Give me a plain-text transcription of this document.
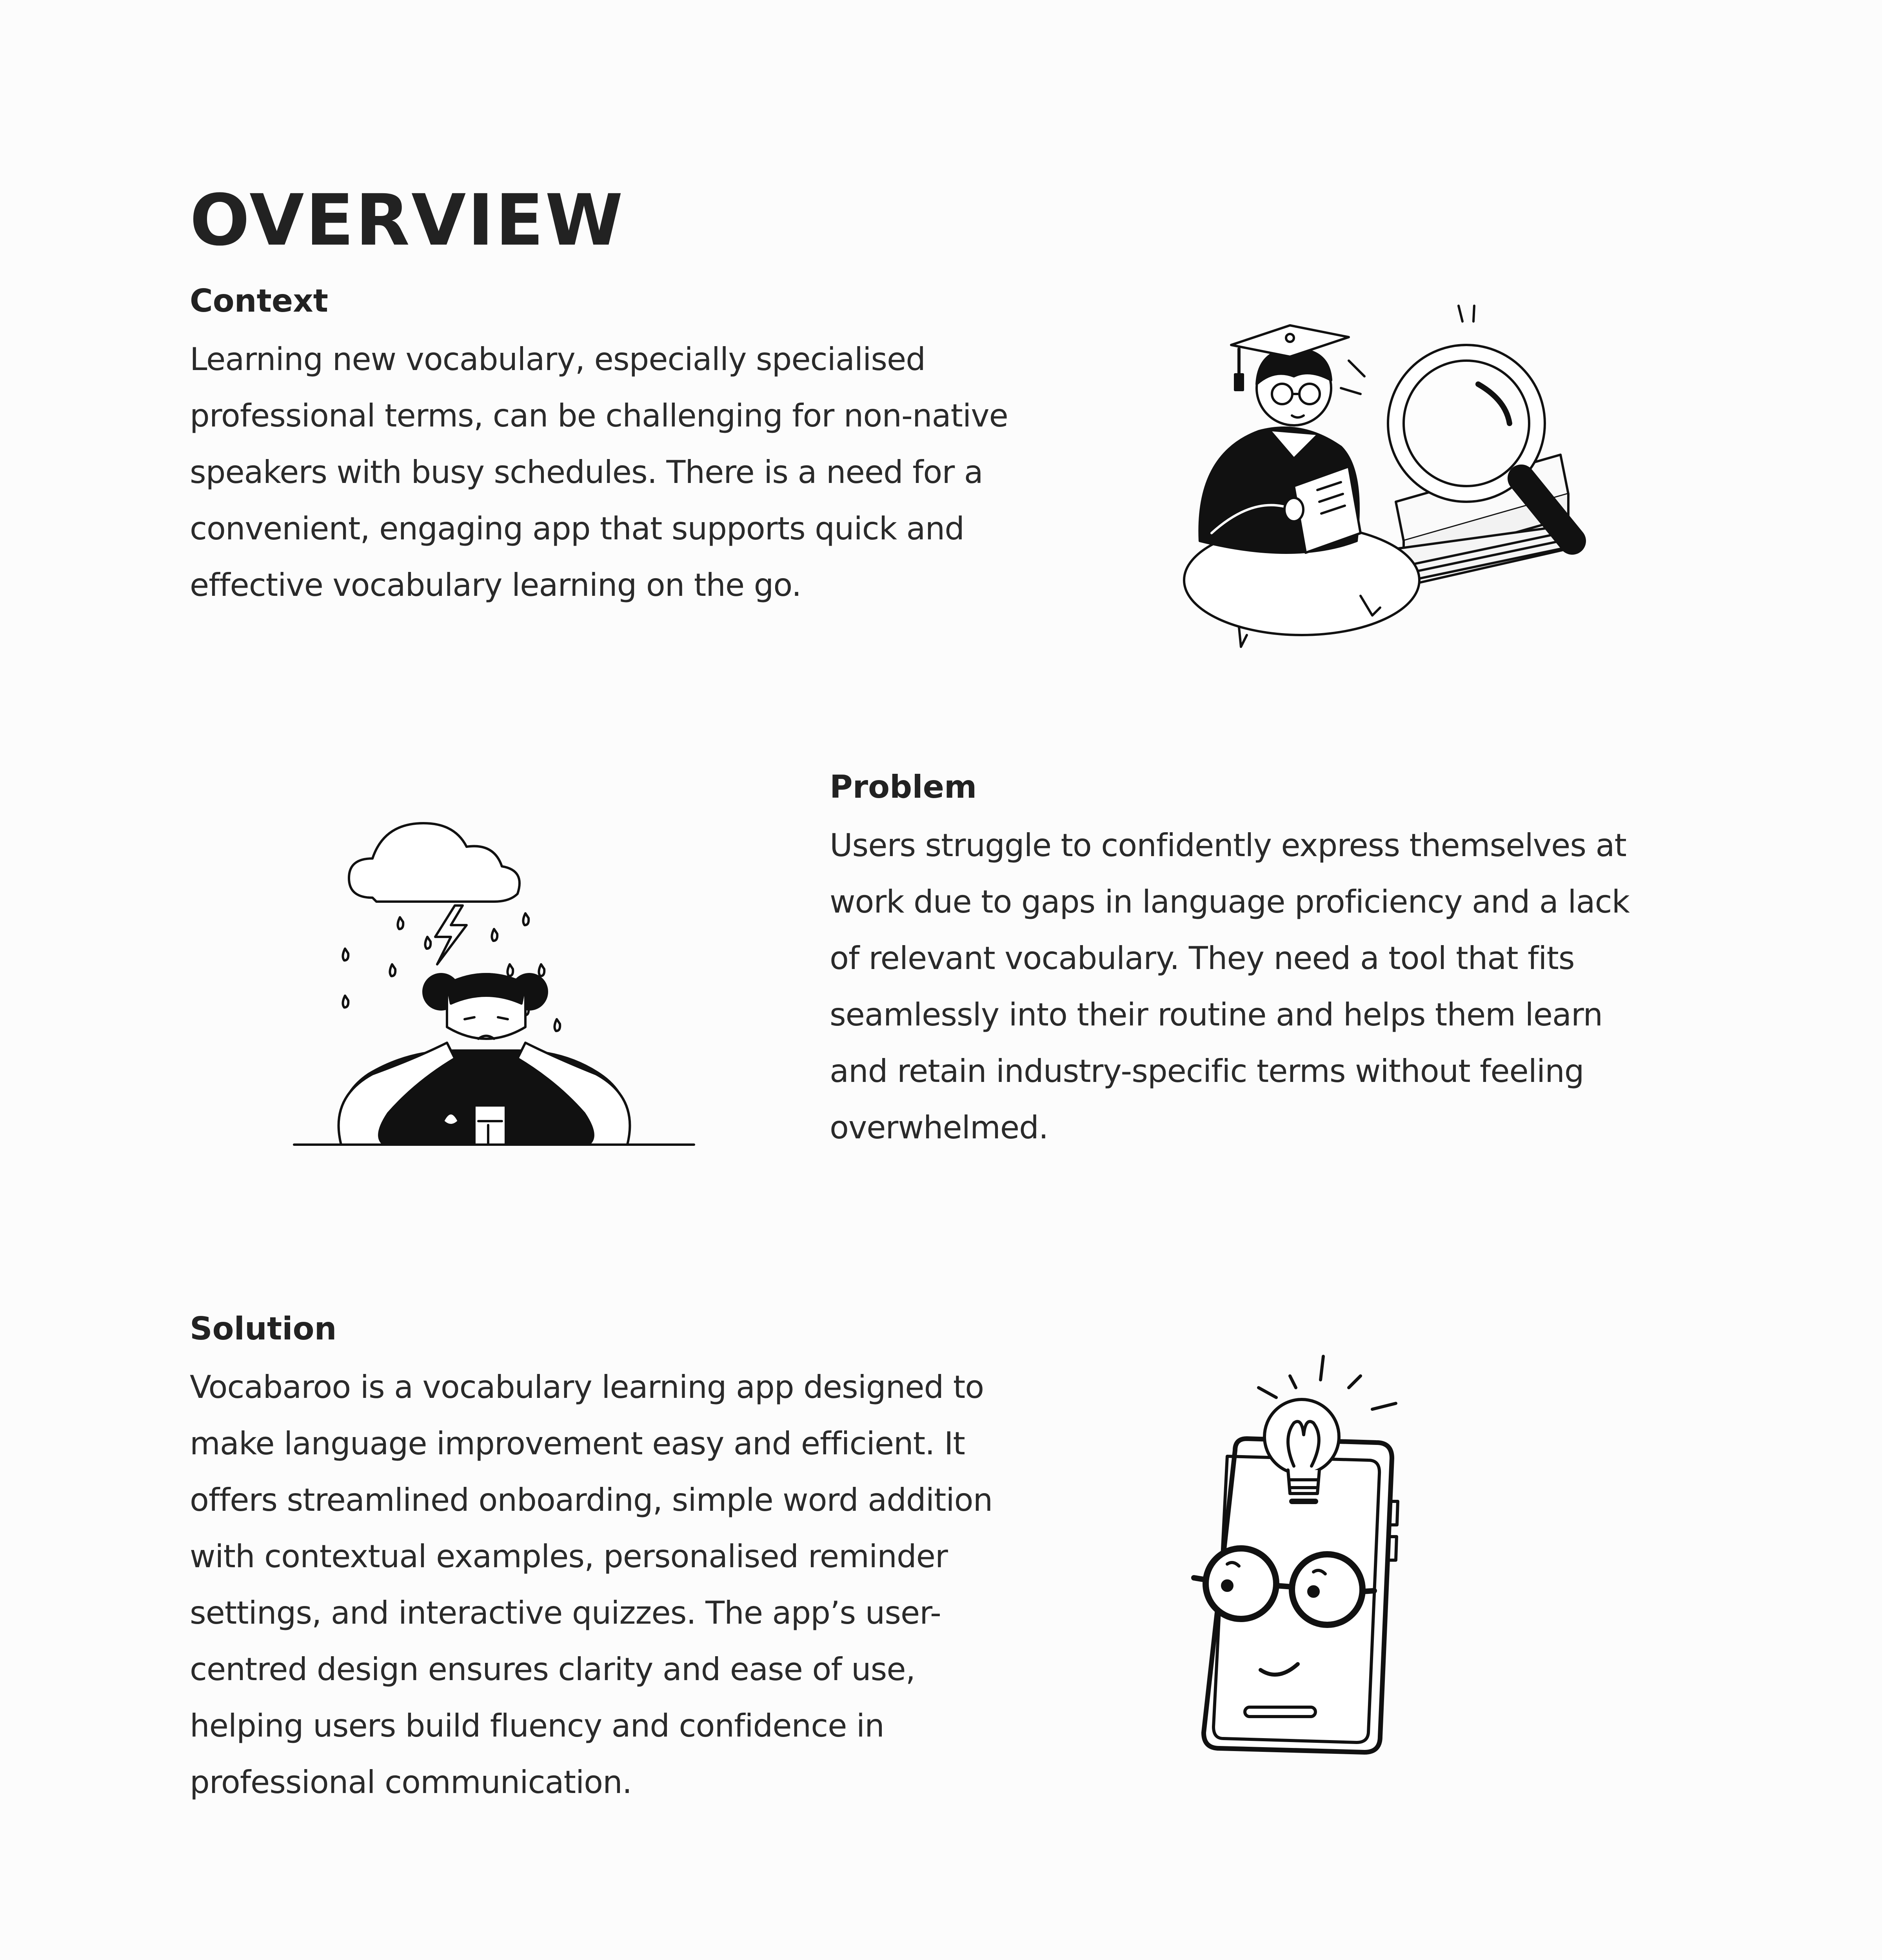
OVERVIEW
Context

Learning new vocabulary, especially specialised

professional terms, can be challenging for non-native

speakers with busy schedules. There is a need for a

convenient, engaging app that supports quick and

effective vocabulary learning on the go.

Problem

Users struggle to confidently express themselves at

work due to gaps in language proficiency and a lack

of relevant vocabulary. They need a tool that fits

seamlessly into their routine and helps them learn

and retain industry-specific terms without feeling

overwhelmed.

Solution

Vocabaroo is a vocabulary learning app designed to

make language improvement easy and efficient. It

offers streamlined onboarding, simple word addition

with contextual examples, personalised reminder

settings, and interactive quizzes. The app’s user-

centred design ensures clarity and ease of use,

helping users build fluency and confidence in

professional communication.
